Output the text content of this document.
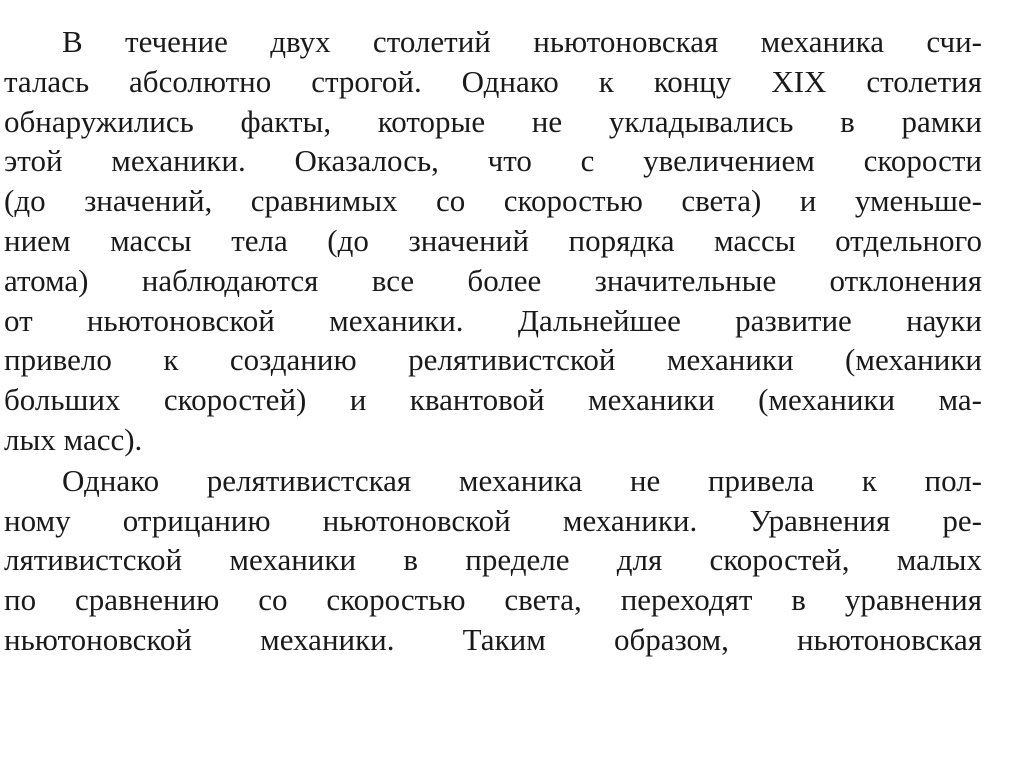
В течение двух столетий ньютоновская механика счи-
талась абсолютно строгой. Однако к концу XIX столетия
обнаружились факты, которые не укладывались в рамки
этой механики. Оказалось, что с увеличением скорости
(до значений, сравнимых со скоростью света) и уменьше-
нием массы тела (до значений порядка массы отдельного
атома) наблюдаются все более значительные отклонения
от ньютоновской механики. Дальнейшее развитие науки
привело к созданию релятивистской механики (механики
больших скоростей) и квантовой механики (механики ма-
лых масс).
Однако релятивистская механика не привела к пол-
ному отрицанию ньютоновской механики. Уравнения ре-
лятивистской механики в пределе для скоростей, малых
по сравнению со скоростью света, переходят в уравнения
ньютоновской механики. Таким образом, ньютоновская
